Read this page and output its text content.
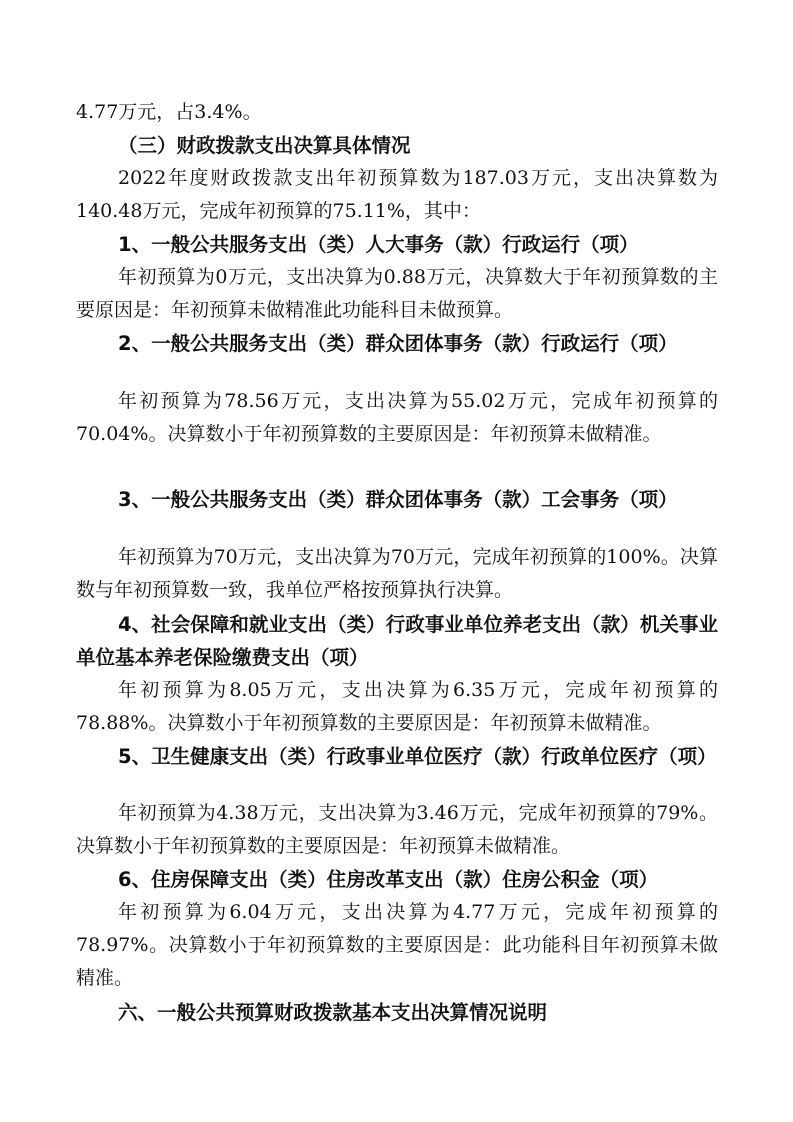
4.77万元，占3.4%。

（三）财政拨款支出决算具体情况

2022年度财政拨款支出年初预算数为187.03万元，支出决算数为140.48万元，完成年初预算的75.11%，其中：

1、一般公共服务支出（类）人大事务（款）行政运行（项）

年初预算为0万元，支出决算为0.88万元，决算数大于年初预算数的主要原因是：年初预算未做精准此功能科目未做预算。

2、一般公共服务支出（类）群众团体事务（款）行政运行（项）

年初预算为78.56万元，支出决算为55.02万元，完成年初预算的70.04%。决算数小于年初预算数的主要原因是：年初预算未做精准。

3、一般公共服务支出（类）群众团体事务（款）工会事务（项）

年初预算为70万元，支出决算为70万元，完成年初预算的100%。决算数与年初预算数一致，我单位严格按预算执行决算。

4、社会保障和就业支出（类）行政事业单位养老支出（款）机关事业单位基本养老保险缴费支出（项）

年初预算为8.05万元，支出决算为6.35万元，完成年初预算的78.88%。决算数小于年初预算数的主要原因是：年初预算未做精准。

5、卫生健康支出（类）行政事业单位医疗（款）行政单位医疗（项）

年初预算为4.38万元，支出决算为3.46万元，完成年初预算的79%。决算数小于年初预算数的主要原因是：年初预算未做精准。

6、住房保障支出（类）住房改革支出（款）住房公积金（项）

年初预算为6.04万元，支出决算为4.77万元，完成年初预算的78.97%。决算数小于年初预算数的主要原因是：此功能科目年初预算未做精准。

六、一般公共预算财政拨款基本支出决算情况说明
